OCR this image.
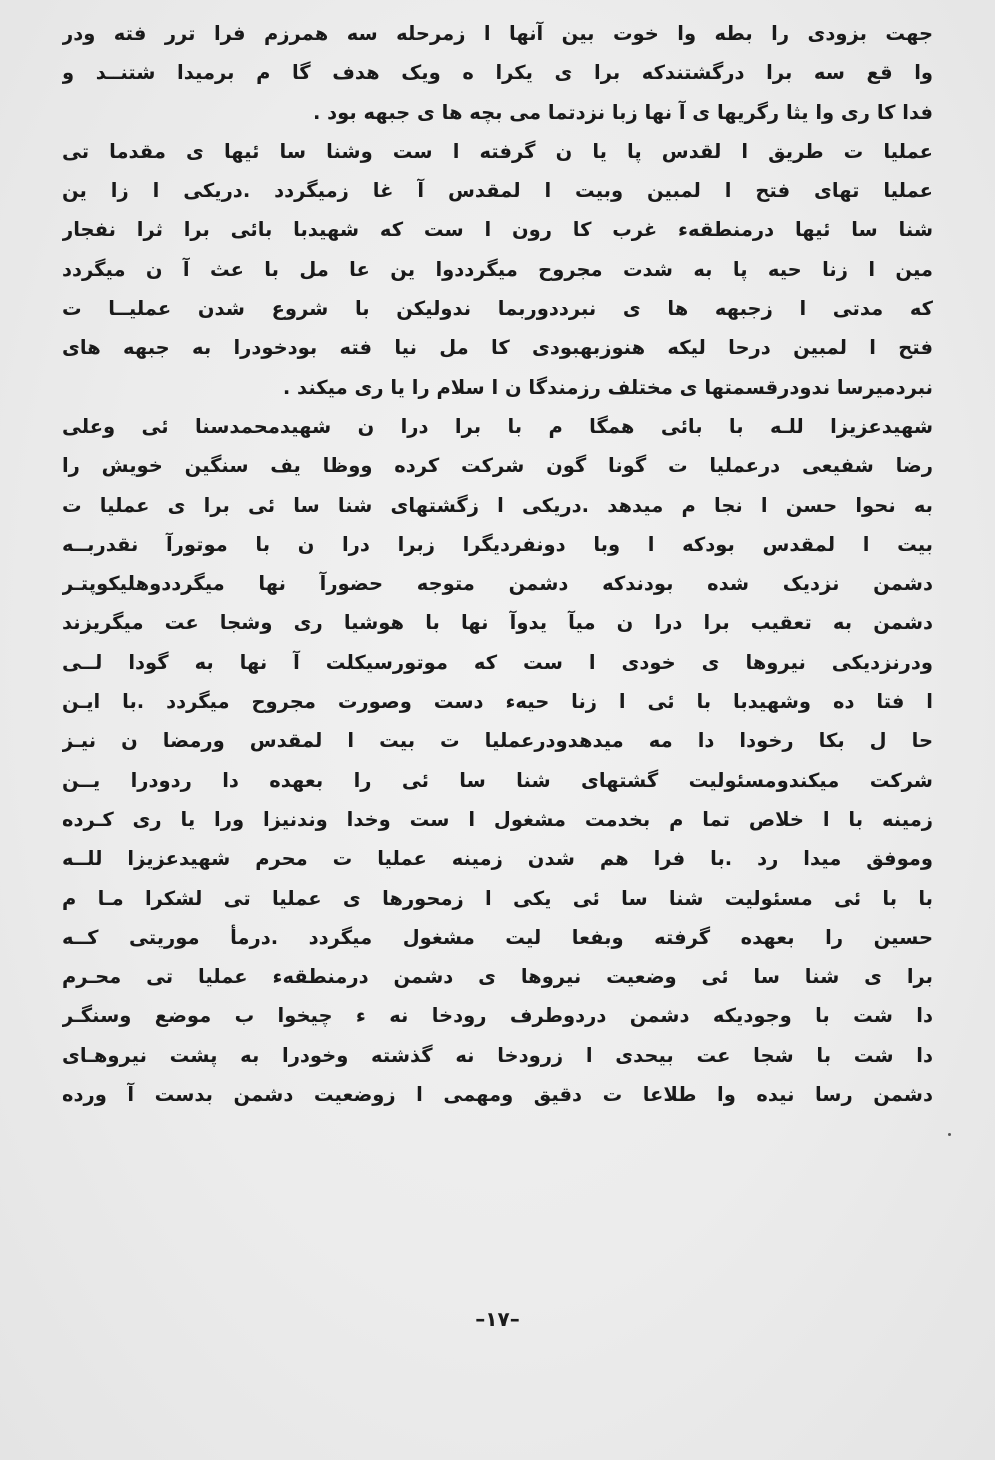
جهت بزودی را بطه وا خوت بین آنها ا زمرحله سه همرزم فرا ترر فته ودر
وا قع سه برا درگشتندکه برا ی یکرا ه ویک هدف گا م برمیدا شتنــد و
فدا کا ری وا یثا رگریها ی آ نها زبا نزدتما می بچه ها ی جبهه بود .
عملیا ت طریق ا لقدس پا یا ن گرفته ا ست وشنا سا ئیها ی مقدما تی
عملیا تهای فتح ا لمبین وبیت ا لمقدس آ غا زمیگردد .دریکی ا زا ین
شنا سا ئیها درمنطقهء غرب کا رون ا ست که شهیدبا بائی برا ثرا نفجار
مین ا زنا حیه پا به شدت مجروح میگرددوا ین عا مل با عث آ ن میگردد
که مدتی ا زجبهه ها ی نبرددوربما ندولیکن با شروع شدن عملیــا ت
فتح ا لمبین درحا لیکه هنوزبهبودی کا مل نیا فته بودخودرا به جبهه های
نبردمیرسا ندودرقسمتها ی مختلف رزمندگا ن ا سلام را یا ری میکند .
شهیدعزیزا للـه با بائی همگا م با برا درا ن شهیدمحمدسنا ئی وعلی
رضا شفیعی درعملیا ت گونا گون شرکت کرده ووظا یف سنگین خویش را
به نحوا حسن ا نجا م میدهد .دریکی ا زگشتهای شنا سا ئی برا ی عملیا ت
بیت ا لمقدس بودکه ا وبا دونفردیگرا زبرا درا ن با موتورآ نقدربــه
دشمن نزدیک شده بودندکه دشمن متوجه حضورآ نها میگرددوهلیکوپتـر
دشمن به تعقیب برا درا ن میآ یدوآ نها با هوشیا ری وشجا عت میگریزند
ودرنزدیکی نیروها ی خودی ا ست که موتورسیکلت آ نها به گودا لــی
ا فتا ده وشهیدبا با ئی ا زنا حیهء دست وصورت مجروح میگردد .با ایـن
حا ل بکا رخودا دا مه میدهدودرعملیا ت بیت ا لمقدس ورمضا ن نیـز
شرکت میکندومسئولیت گشتهای شنا سا ئی را بعهده دا ردودرا یــن
زمینه با ا خلاص تما م بخدمت مشغول ا ست وخدا وندنیزا ورا یا ری کـرده
وموفق میدا رد .با فرا هم شدن زمینه عملیا ت محرم شهیدعزیزا للــه
با با ئی مسئولیت شنا سا ئی یکی ا زمحورها ی عملیا تی لشکرا مـا م
حسین را بعهده گرفته وبفعا لیت مشغول میگردد .درمأ موریتی کــه
برا ی شنا سا ئی وضعیت نیروها ی دشمن درمنطقهء عملیا تی محـرم
دا شت با وجودیکه دشمن دردوطرف رودخا نه ء چیخوا ب موضع وسنگـر
دا شت با شجا عت بیحدی ا زرودخا نه گذشته وخودرا به پشت نیروهـای
دشمن رسا نیده وا طلاعا ت دقیق ومهمی ا زوضعیت دشمن بدست آ ورده
–١٧–
